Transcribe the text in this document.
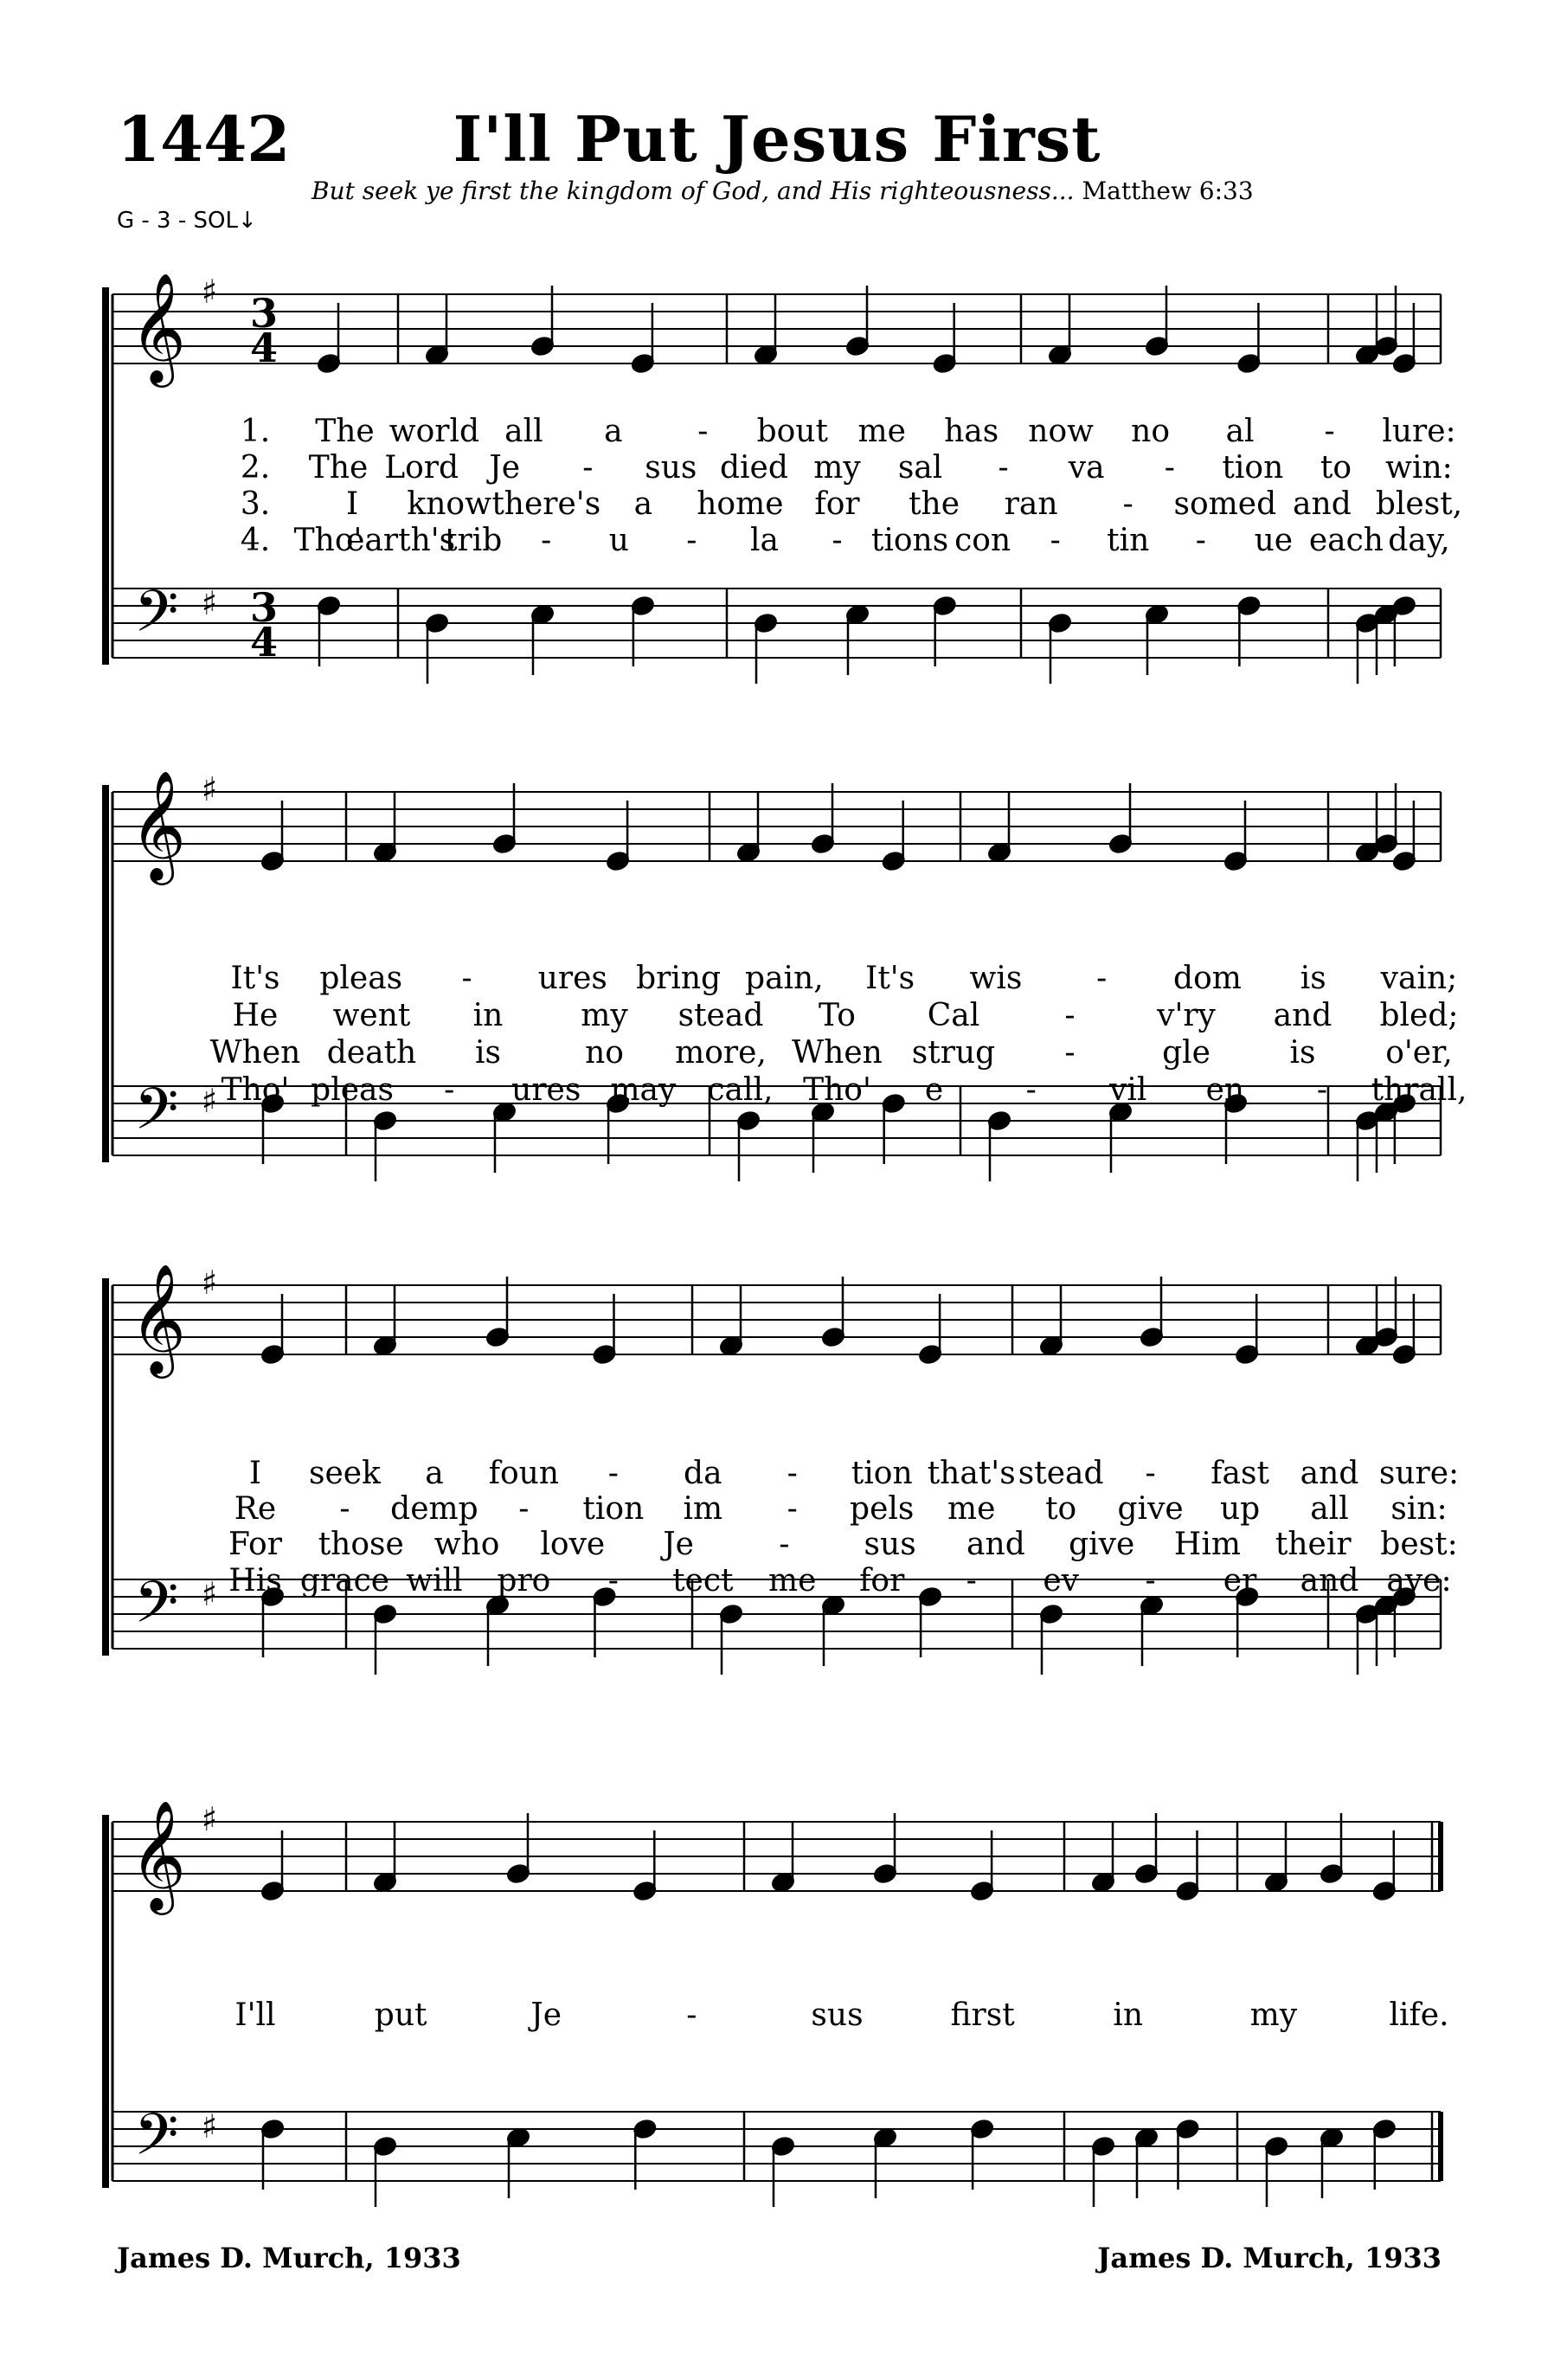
1442	I'll Put Jesus First
But seek ye first the kingdom of God, and His righteousness... Matthew 6:33
G - 3 - SOL↓
𝄞
𝄢
♯
♯
3
4
3
4
𝄞
𝄢
♯
♯
𝄞
𝄢
♯
♯
𝄞
𝄢
♯
♯
1. The world all a - bout me has now no al - lure:
2. The Lord Je - sus died my sal - va - tion to win:
3. I know there's a home for the ran - somed and blest,
4. Tho'
earth's
trib - u - la - tions con - tin - ue each day,
It's pleas - ures bring pain, It's wis - dom is vain;
He went in my stead To Cal	-	v'ry and bled;
When death is	no more, When strug -	gle	is o'er,
Tho' pleas - ures may call, Tho' e	- vil en - thrall,
I seek a foun - da - tion that's stead - fast and sure:
Re - demp - tion im - pels me to give up all sin:
For those who love Je	- sus and give Him their best:
His grace will pro - tect me for - ev - er and aye:
I'll	put	Je	-	sus	first	in	my	life.
James D. Murch, 1933	James D. Murch, 1933
